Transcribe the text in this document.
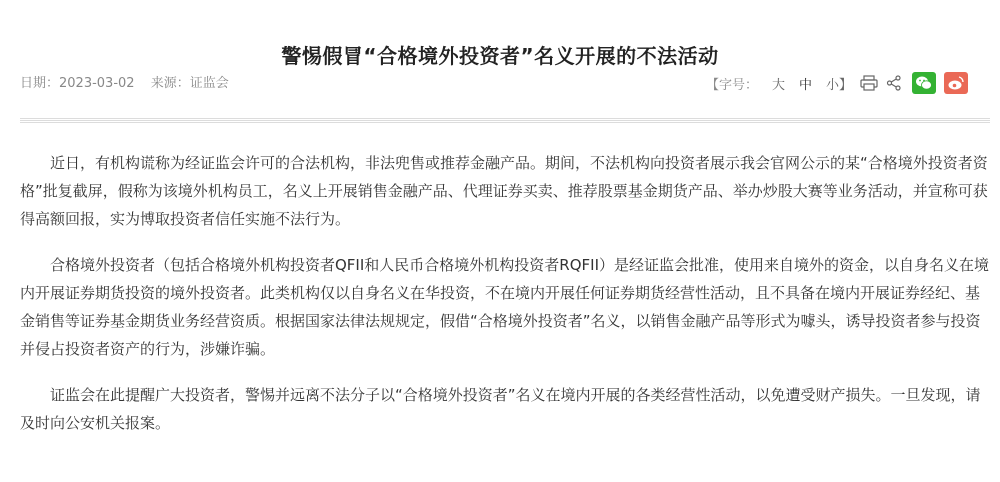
警惕假冒“合格境外投资者”名义开展的不法活动
日期：2023-03-02 来源：证监会	【字号： 大 中 小】

近日，有机构谎称为经证监会许可的合法机构，非法兜售或推荐金融产品。期间，不法机构向投资者展示我会官网公示的某“合格境外投资者资格”批复截屏，假称为该境外机构员工，名义上开展销售金融产品、代理证券买卖、推荐股票基金期货产品、举办炒股大赛等业务活动，并宣称可获得高额回报，实为博取投资者信任实施不法行为。

合格境外投资者（包括合格境外机构投资者QFII和人民币合格境外机构投资者RQFII）是经证监会批准，使用来自境外的资金，以自身名义在境内开展证券期货投资的境外投资者。此类机构仅以自身名义在华投资，不在境内开展任何证券期货经营性活动，且不具备在境内开展证券经纪、基金销售等证券基金期货业务经营资质。根据国家法律法规规定，假借“合格境外投资者”名义，以销售金融产品等形式为噱头，诱导投资者参与投资并侵占投资者资产的行为，涉嫌诈骗。

证监会在此提醒广大投资者，警惕并远离不法分子以“合格境外投资者”名义在境内开展的各类经营性活动，以免遭受财产损失。一旦发现，请及时向公安机关报案。
